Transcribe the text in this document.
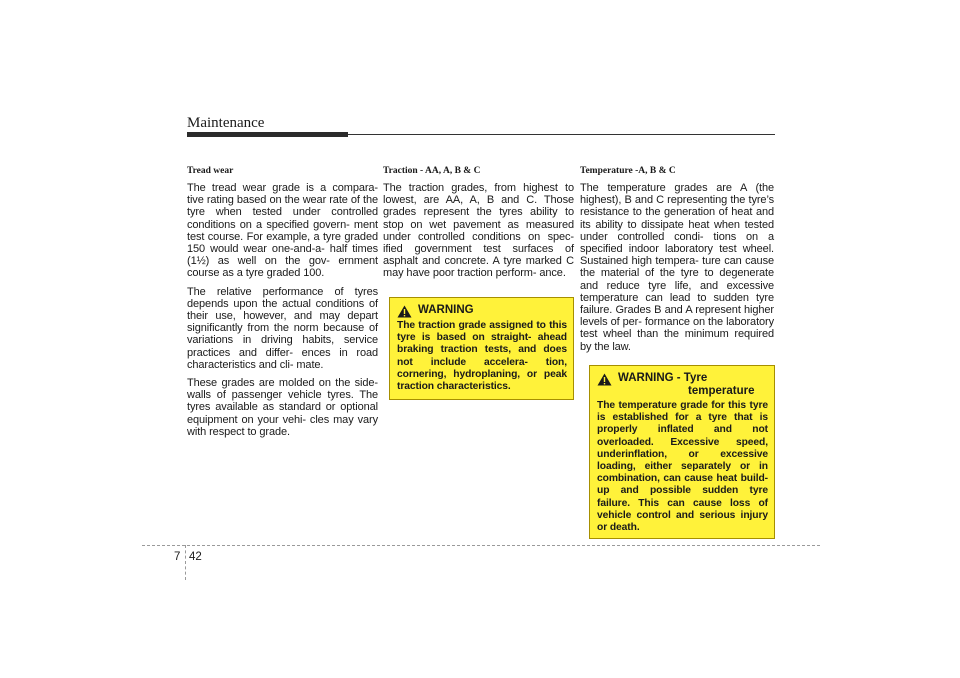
Maintenance
Tread wear

The tread wear grade is a compara- tive rating based on the wear rate of the tyre when tested under controlled conditions on a specified govern- ment test course. For example, a tyre graded 150 would wear one-and-a- half times (1½) as well on the gov- ernment course as a tyre graded 100.

The relative performance of tyres depends upon the actual conditions of their use, however, and may depart significantly from the norm because of variations in driving habits, service practices and differ- ences in road characteristics and cli- mate.

These grades are molded on the side-walls of passenger vehicle tyres. The tyres available as standard or optional equipment on your vehi- cles may vary with respect to grade.

Traction - AA, A, B & C

The traction grades, from highest to lowest, are AA, A, B and C. Those grades represent the tyres ability to stop on wet pavement as measured under controlled conditions on spec- ified government test surfaces of asphalt and concrete. A tyre marked C may have poor traction perform- ance.

WARNING
The traction grade assigned to this tyre is based on straight- ahead braking traction tests, and does not include accelera- tion, cornering, hydroplaning, or peak traction characteristics.
Temperature -A, B & C

The temperature grades are A (the highest), B and C representing the tyre’s resistance to the generation of heat and its ability to dissipate heat when tested under controlled condi- tions on a specified indoor laboratory test wheel. Sustained high tempera- ture can cause the material of the tyre to degenerate and reduce tyre life, and excessive temperature can lead to sudden tyre failure. Grades B and A represent higher levels of per- formance on the laboratory test wheel than the minimum required by the law.

WARNING - Tyre
temperature
The temperature grade for this tyre is established for a tyre that is properly inflated and not overloaded. Excessive speed, underinflation, or excessive loading, either separately or in combination, can cause heat build-up and possible sudden tyre failure. This can cause loss of vehicle control and serious injury or death.
7 42
